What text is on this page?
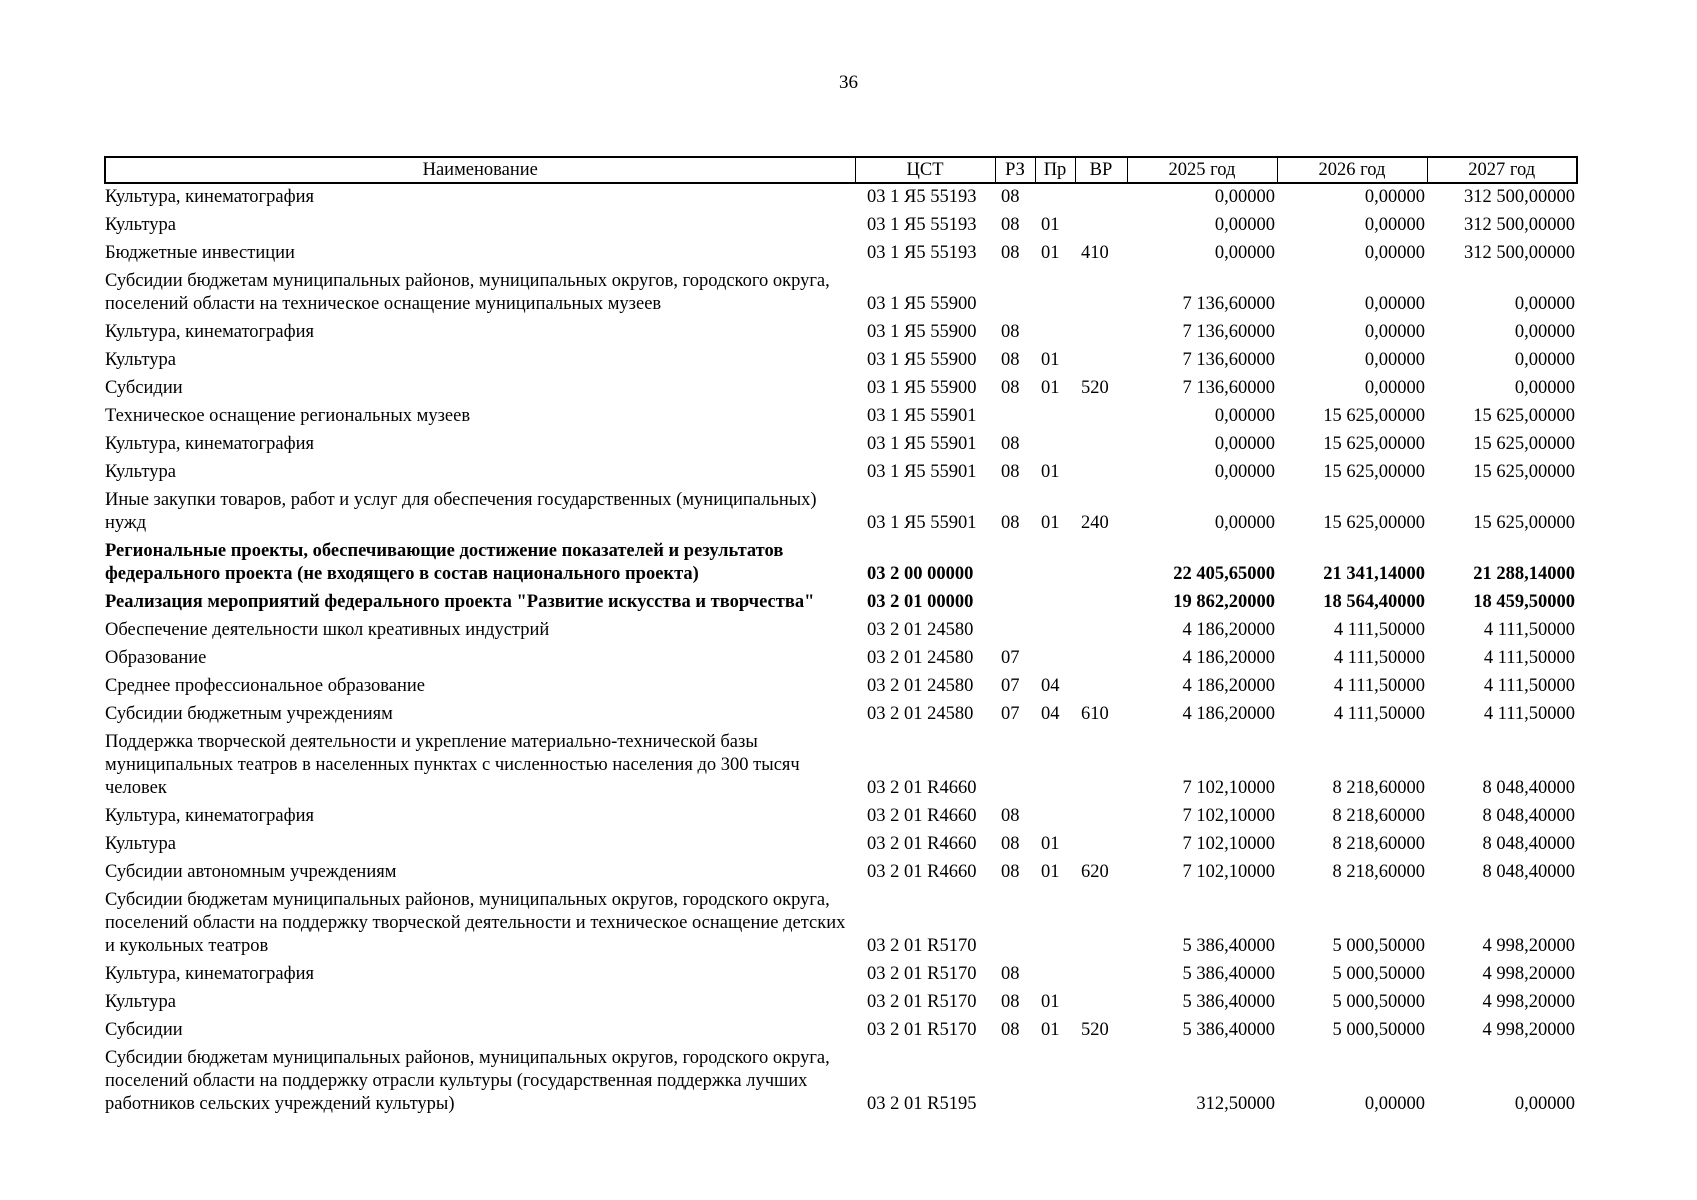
36
Наименование	ЦСТ	РЗ	Пр	ВР	2025 год	2026 год	2027 год
Культура, кинематография	03 1 Я5 55193	08			0,00000	0,00000	312 500,00000
Культура	03 1 Я5 55193	08	01		0,00000	0,00000	312 500,00000
Бюджетные инвестиции	03 1 Я5 55193	08	01	410	0,00000	0,00000	312 500,00000
Субсидии бюджетам муниципальных районов, муниципальных округов, городского округа, поселений области на техническое оснащение муниципальных музеев	03 1 Я5 55900				7 136,60000	0,00000	0,00000
Культура, кинематография	03 1 Я5 55900	08			7 136,60000	0,00000	0,00000
Культура	03 1 Я5 55900	08	01		7 136,60000	0,00000	0,00000
Субсидии	03 1 Я5 55900	08	01	520	7 136,60000	0,00000	0,00000
Техническое оснащение региональных музеев	03 1 Я5 55901				0,00000	15 625,00000	15 625,00000
Культура, кинематография	03 1 Я5 55901	08			0,00000	15 625,00000	15 625,00000
Культура	03 1 Я5 55901	08	01		0,00000	15 625,00000	15 625,00000
Иные закупки товаров, работ и услуг для обеспечения государственных (муниципальных) нужд	03 1 Я5 55901	08	01	240	0,00000	15 625,00000	15 625,00000
Региональные проекты, обеспечивающие достижение показателей и результатов федерального проекта (не входящего в состав национального проекта)	03 2 00 00000				22 405,65000	21 341,14000	21 288,14000
Реализация мероприятий федерального проекта "Развитие искусства и творчества"	03 2 01 00000				19 862,20000	18 564,40000	18 459,50000
Обеспечение деятельности школ креативных индустрий	03 2 01 24580				4 186,20000	4 111,50000	4 111,50000
Образование	03 2 01 24580	07			4 186,20000	4 111,50000	4 111,50000
Среднее профессиональное образование	03 2 01 24580	07	04		4 186,20000	4 111,50000	4 111,50000
Субсидии бюджетным учреждениям	03 2 01 24580	07	04	610	4 186,20000	4 111,50000	4 111,50000
Поддержка творческой деятельности и укрепление материально-технической базы муниципальных театров в населенных пунктах с численностью населения до 300 тысяч человек	03 2 01 R4660				7 102,10000	8 218,60000	8 048,40000
Культура, кинематография	03 2 01 R4660	08			7 102,10000	8 218,60000	8 048,40000
Культура	03 2 01 R4660	08	01		7 102,10000	8 218,60000	8 048,40000
Субсидии автономным учреждениям	03 2 01 R4660	08	01	620	7 102,10000	8 218,60000	8 048,40000
Субсидии бюджетам муниципальных районов, муниципальных округов, городского округа, поселений области на поддержку творческой деятельности и техническое оснащение детских и кукольных театров	03 2 01 R5170				5 386,40000	5 000,50000	4 998,20000
Культура, кинематография	03 2 01 R5170	08			5 386,40000	5 000,50000	4 998,20000
Культура	03 2 01 R5170	08	01		5 386,40000	5 000,50000	4 998,20000
Субсидии	03 2 01 R5170	08	01	520	5 386,40000	5 000,50000	4 998,20000
Субсидии бюджетам муниципальных районов, муниципальных округов, городского округа, поселений области на поддержку отрасли культуры (государственная поддержка лучших работников сельских учреждений культуры)	03 2 01 R5195				312,50000	0,00000	0,00000
